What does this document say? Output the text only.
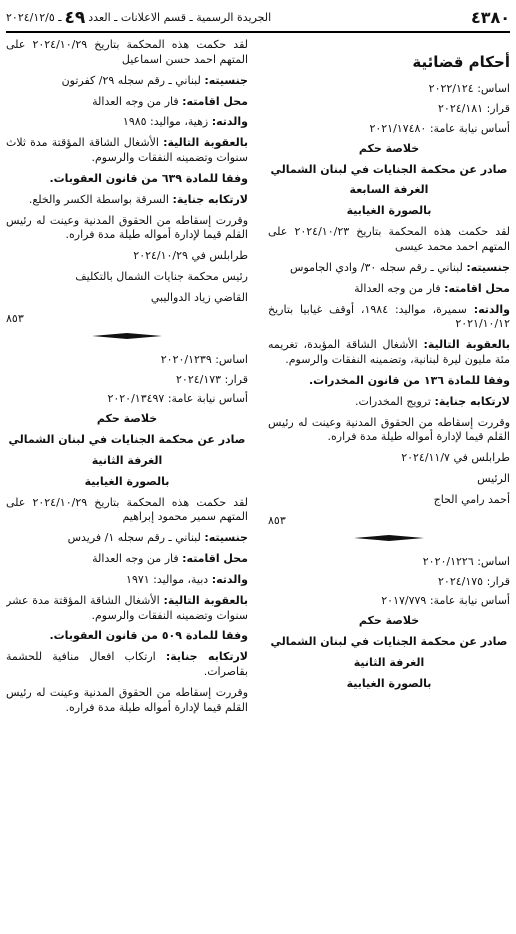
٤٣٨٠
الجريدة الرسمية ـ قسم الاعلانات ـ العدد
٤٩
ـ ٢٠٢٤/١٢/٥
أحكام قضائية
اساس: ٢٠٢٢/١٢٤
قرار: ٢٠٢٤/١٨١
أساس نيابة عامة: ٢٠٢١/١٧٤٨٠
خلاصة حكم
صادر عن محكمة الجنايات في لبنان الشمالي
الغرفة السابعة
بالصورة الغيابية
لقد حكمت هذه المحكمة بتاريخ ٢٠٢٤/١٠/٢٣ على المتهم احمد محمد عيسى
جنسيته: لبناني ـ رقم سجله ٣٠/ وادي الجاموس
محل اقامته: فار من وجه العدالة
والدته: سميرة، مواليد: ١٩٨٤، أوقف غيابيا بتاريخ ٢٠٢١/١٠/١٢
بالعقوبة التالية: الأشغال الشاقة المؤبدة، تغريمه مئة مليون ليرة لبنانية، وتضمينه النفقات والرسوم.
وفقا للمادة ١٣٦ من قانون المخدرات.
لارتكابه جناية: ترويج المخدرات.
وقررت إسقاطه من الحقوق المدنية وعينت له رئيس القلم قيما لإدارة أمواله طيلة مدة فراره.
طرابلس في ٢٠٢٤/١١/٧
الرئيس
أحمد رامي الحاج
٨٥٣
اساس: ٢٠٢٠/١٢٢٦
قرار: ٢٠٢٤/١٧٥
أساس نيابة عامة: ٢٠١٧/٧٧٩
خلاصة حكم
صادر عن محكمة الجنايات في لبنان الشمالي
الغرفة الثانية
بالصورة الغيابية
لقد حكمت هذه المحكمة بتاريخ ٢٠٢٤/١٠/٢٩ على المتهم احمد حسن اسماعيل
جنسيته: لبناني ـ رقم سجله ٢٩/ كفرتون
محل اقامته: فار من وجه العدالة
والدته: زهية، مواليد: ١٩٨٥
بالعقوبة التالية: الأشغال الشاقة المؤقتة مدة ثلاث سنوات وتضمينه النفقات والرسوم.
وفقا للمادة ٦٣٩ من قانون العقوبات.
لارتكابه جناية: السرقة بواسطة الكسر والخلع.
وقررت إسقاطه من الحقوق المدنية وعينت له رئيس القلم قيما لإدارة أمواله طيلة مدة فراره.
طرابلس في ٢٠٢٤/١٠/٢٩
رئيس محكمة جنايات الشمال بالتكليف
القاضي زياد الدواليبي
٨٥٣
اساس: ٢٠٢٠/١٢٣٩
قرار: ٢٠٢٤/١٧٣
أساس نيابة عامة: ٢٠٢٠/١٣٤٩٧
خلاصة حكم
صادر عن محكمة الجنايات في لبنان الشمالي
الغرفة الثانية
بالصورة الغيابية
لقد حكمت هذه المحكمة بتاريخ ٢٠٢٤/١٠/٢٩ على المتهم سمير محمود إبراهيم
جنسيته: لبناني ـ رقم سجله ١/ فريدس
محل اقامته: فار من وجه العدالة
والدته: دبية، مواليد: ١٩٧١
بالعقوبة التالية: الأشغال الشاقة المؤقتة مدة عشر سنوات وتضمينه النفقات والرسوم.
وفقا للمادة ٥٠٩ من قانون العقوبات.
لارتكابه جناية: ارتكاب افعال منافية للحشمة بقاصرات.
وقررت إسقاطه من الحقوق المدنية وعينت له رئيس القلم قيما لإدارة أمواله طيلة مدة فراره.
